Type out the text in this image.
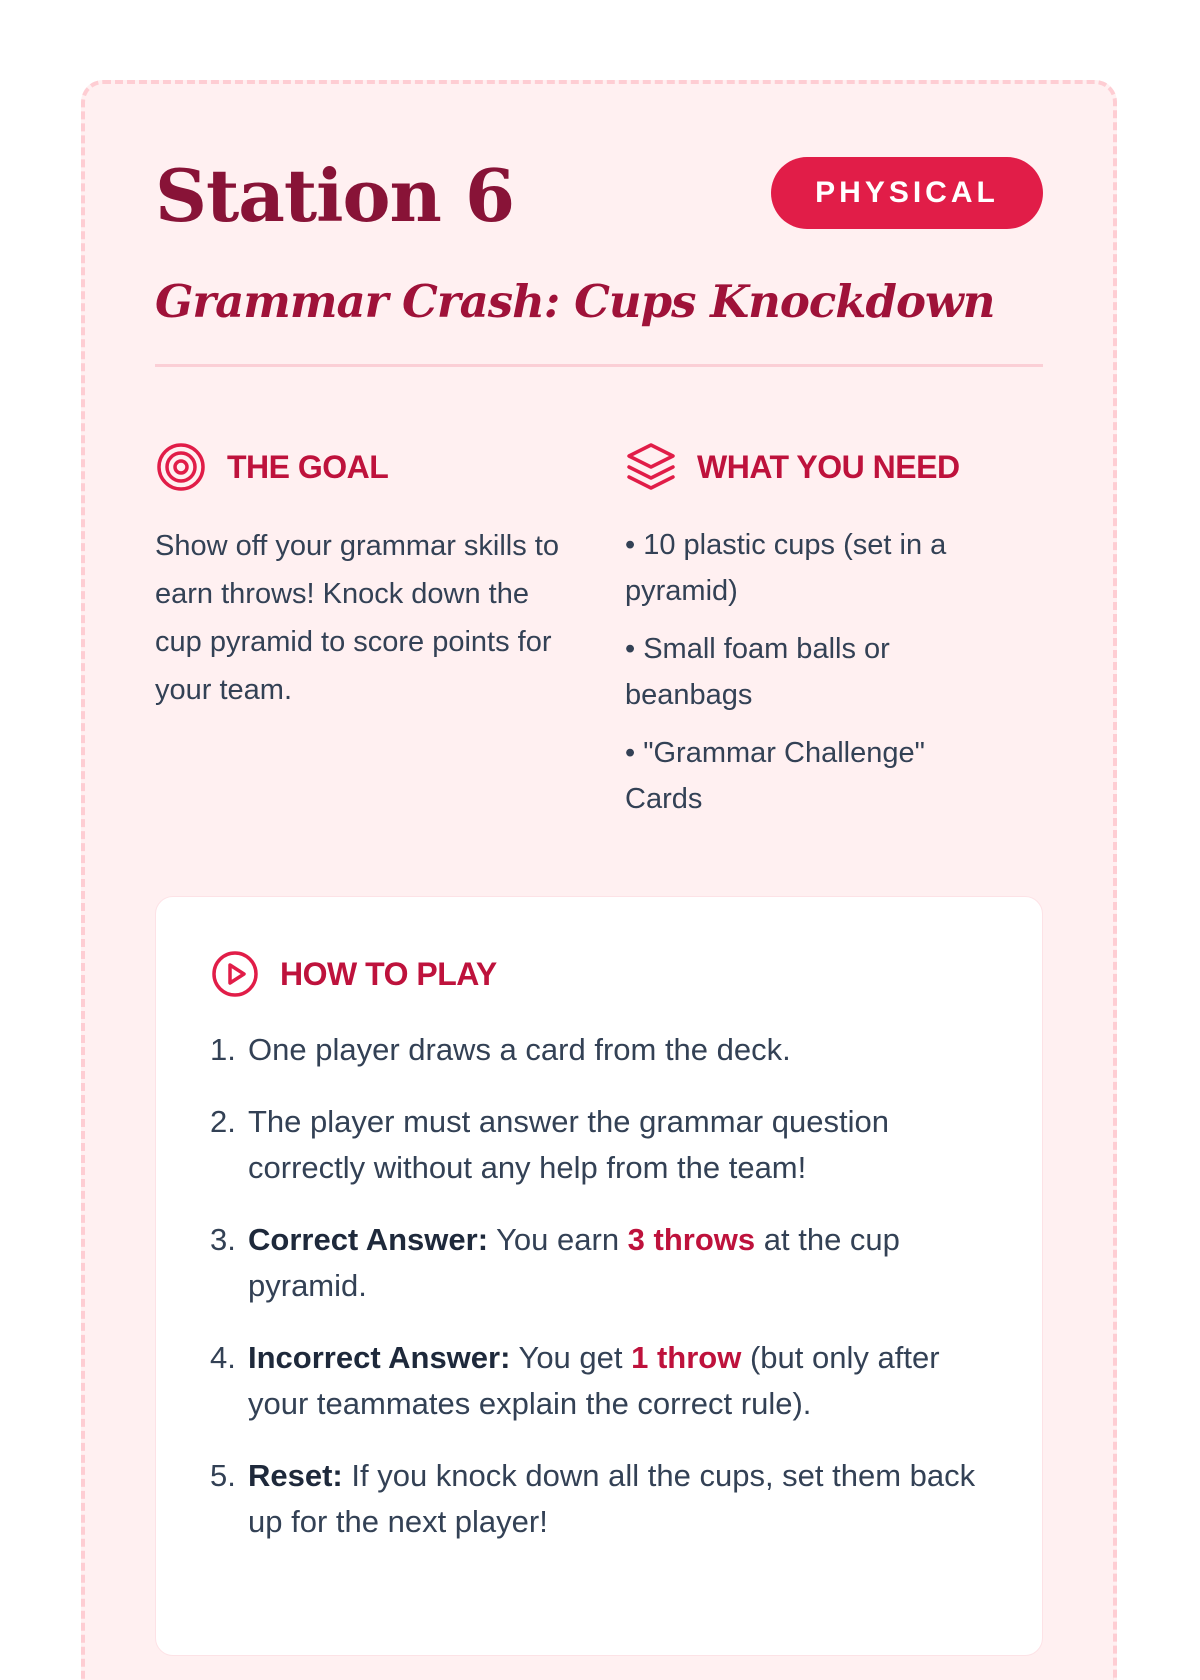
Station 6	PHYSICAL
Grammar Crash: Cups Knockdown
THE GOAL

Show off your grammar skills to earn throws! Knock down the cup pyramid to score points for your team.

WHAT YOU NEED
• 10 plastic cups (set in a pyramid)
• Small foam balls or beanbags
• "Grammar Challenge" Cards
HOW TO PLAY
1. One player draws a card from the deck.
2. The player must answer the grammar question correctly without any help from the team!
3. Correct Answer: You earn 3 throws at the cup pyramid.
4. Incorrect Answer: You get 1 throw (but only after your teammates explain the correct rule).
5. Reset: If you knock down all the cups, set them back up for the next player!
